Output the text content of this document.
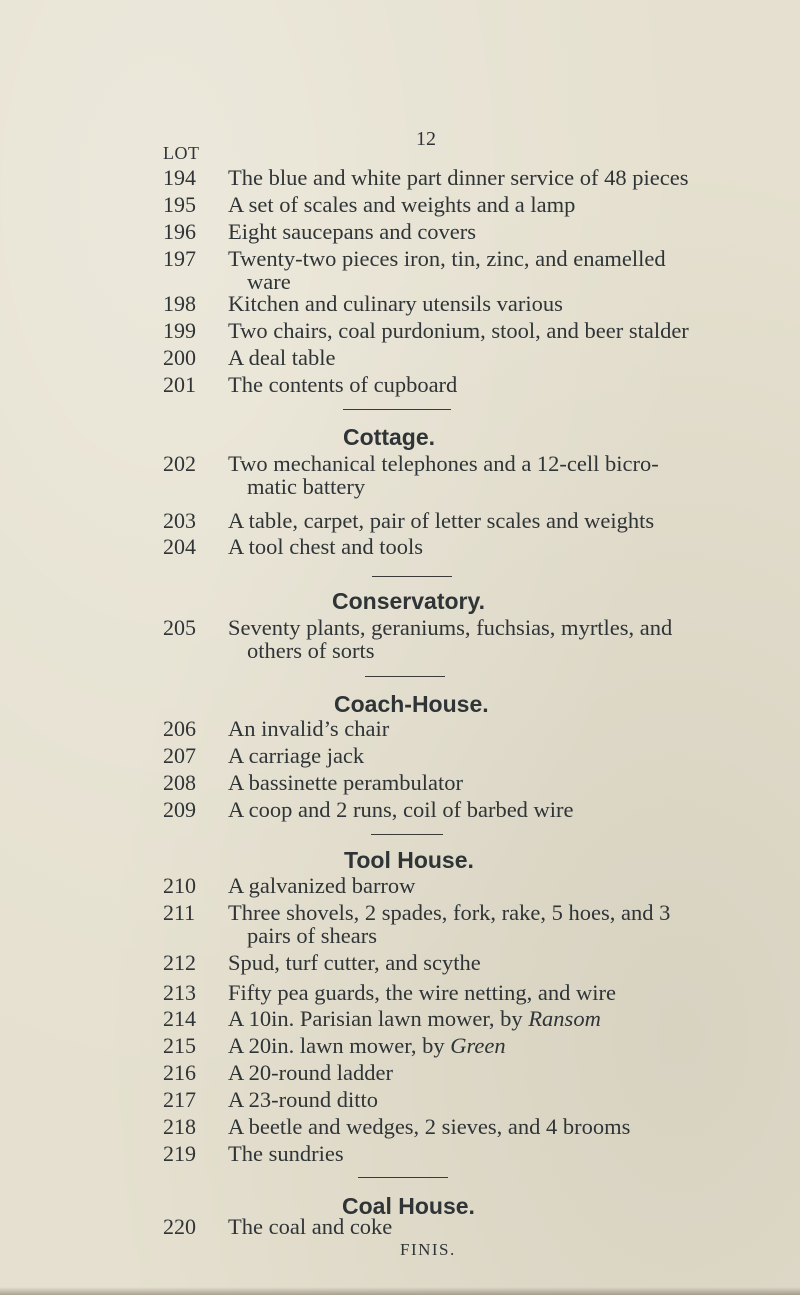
12
LOT
194 The blue and white part dinner service of 48 pieces
195 A set of scales and weights and a lamp
196 Eight saucepans and covers
197 Twenty-two pieces iron, tin, zinc, and enamelled
ware
198 Kitchen and culinary utensils various
199 Two chairs, coal purdonium, stool, and beer stalder
200 A deal table
201 The contents of cupboard
Cottage.
202 Two mechanical telephones and a 12-cell bicro-
matic battery
203 A table, carpet, pair of letter scales and weights
204 A tool chest and tools
Conservatory.
205 Seventy plants, geraniums, fuchsias, myrtles, and
others of sorts
Coach-House.
206 An invalid’s chair
207 A carriage jack
208 A bassinette perambulator
209 A coop and 2 runs, coil of barbed wire
Tool House.
210 A galvanized barrow
211 Three shovels, 2 spades, fork, rake, 5 hoes, and 3
pairs of shears
212 Spud, turf cutter, and scythe
213 Fifty pea guards, the wire netting, and wire
214 A 10in. Parisian lawn mower, by Ransom
215 A 20in. lawn mower, by Green
216 A 20-round ladder
217 A 23-round ditto
218 A beetle and wedges, 2 sieves, and 4 brooms
219 The sundries
Coal House.
220 The coal and coke
FINIS.
